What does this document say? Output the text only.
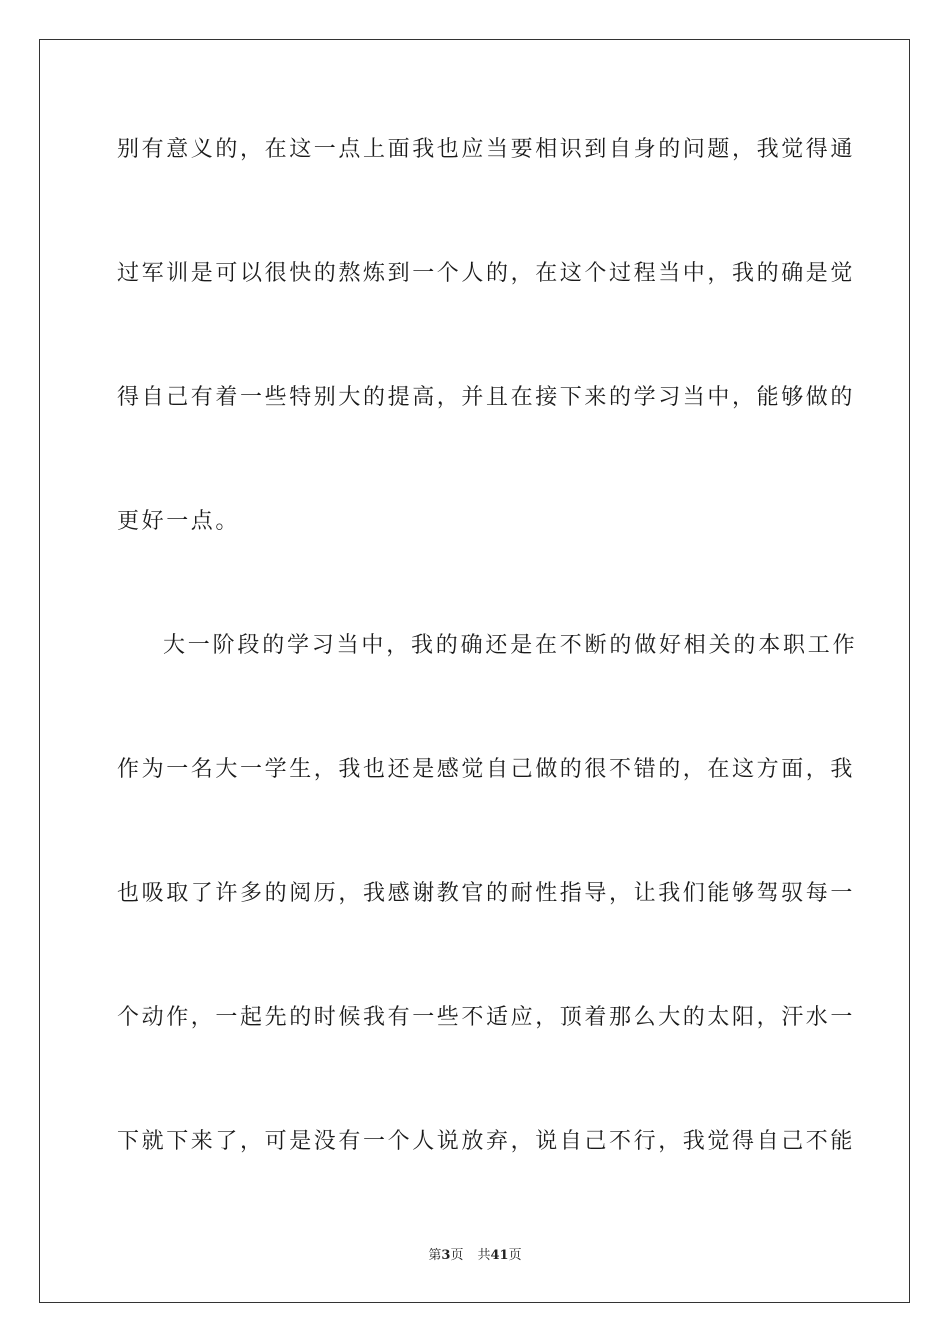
别有意义的，在这一点上面我也应当要相识到自身的问题，我觉得通
过军训是可以很快的熬炼到一个人的，在这个过程当中，我的确是觉
得自己有着一些特别大的提高，并且在接下来的学习当中，能够做的
更好一点。
大一阶段的学习当中，我的确还是在不断的做好相关的本职工作
作为一名大一学生，我也还是感觉自己做的很不错的，在这方面，我
也吸取了许多的阅历，我感谢教官的耐性指导，让我们能够驾驭每一
个动作，一起先的时候我有一些不适应，顶着那么大的太阳，汗水一
下就下来了，可是没有一个人说放弃，说自己不行，我觉得自己不能
第3页 共41页
